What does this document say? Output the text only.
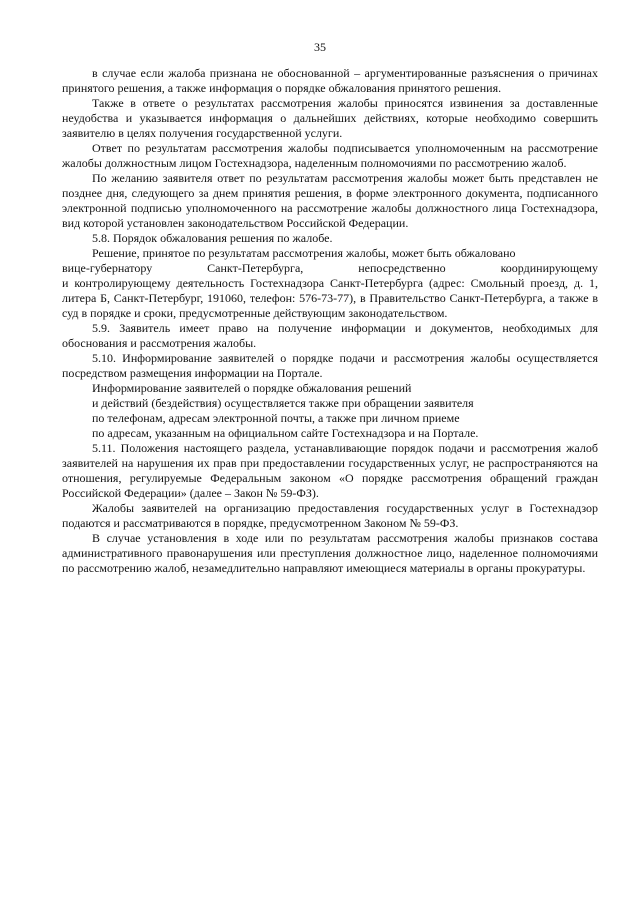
35

в случае если жалоба признана не обоснованной – аргументированные разъяснения о причинах принятого решения, а также информация о порядке обжалования принятого решения.

Также в ответе о результатах рассмотрения жалобы приносятся извинения за доставленные неудобства и указывается информация о дальнейших действиях, которые необходимо совершить заявителю в целях получения государственной услуги.

Ответ по результатам рассмотрения жалобы подписывается уполномоченным на рассмотрение жалобы должностным лицом Гостехнадзора, наделенным полномочиями по рассмотрению жалоб.

По желанию заявителя ответ по результатам рассмотрения жалобы может быть представлен не позднее дня, следующего за днем принятия решения, в форме электронного документа, подписанного электронной подписью уполномоченного на рассмотрение жалобы должностного лица Гостехнадзора, вид которой установлен законодательством Российской Федерации.

5.8. Порядок обжалования решения по жалобе.

Решение, принятое по результатам рассмотрения жалобы, может быть обжаловано

вице-губернатору	Санкт-Петербурга,	непосредственно	координирующему

и контролирующему деятельность Гостехнадзора Санкт-Петербурга (адрес: Смольный проезд, д. 1, литера Б, Санкт-Петербург, 191060, телефон: 576-73-77), в Правительство Санкт-Петербурга, а также в суд в порядке и сроки, предусмотренные действующим законодательством.

5.9. Заявитель имеет право на получение информации и документов, необходимых для обоснования и рассмотрения жалобы.

5.10. Информирование заявителей о порядке подачи и рассмотрения жалобы осуществляется посредством размещения информации на Портале.

Информирование заявителей о порядке обжалования решений

и действий (бездействия) осуществляется также при обращении заявителя

по телефонам, адресам электронной почты, а также при личном приеме

по адресам, указанным на официальном сайте Гостехнадзора и на Портале.

5.11. Положения настоящего раздела, устанавливающие порядок подачи и рассмотрения жалоб заявителей на нарушения их прав при предоставлении государственных услуг, не распространяются на отношения, регулируемые Федеральным законом «О порядке рассмотрения обращений граждан Российской Федерации» (далее – Закон № 59-ФЗ).

Жалобы заявителей на организацию предоставления государственных услуг в Гостехнадзор подаются и рассматриваются в порядке, предусмотренном Законом № 59-ФЗ.

В случае установления в ходе или по результатам рассмотрения жалобы признаков состава административного правонарушения или преступления должностное лицо, наделенное полномочиями по рассмотрению жалоб, незамедлительно направляют имеющиеся материалы в органы прокуратуры.
